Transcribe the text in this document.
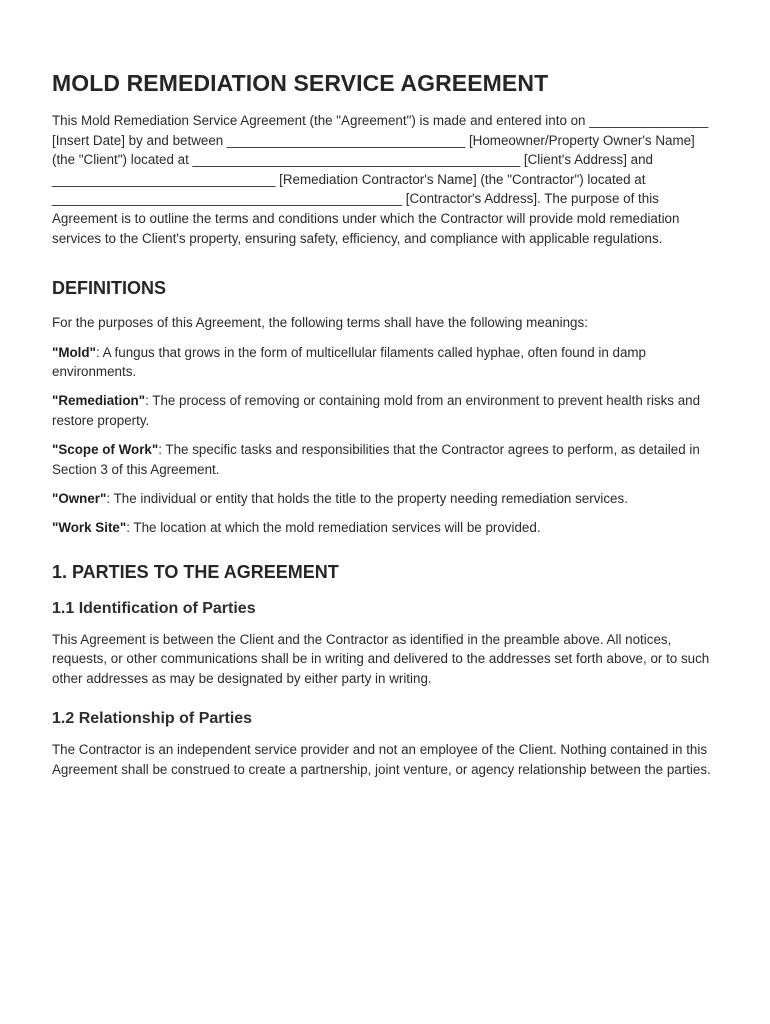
MOLD REMEDIATION SERVICE AGREEMENT

This Mold Remediation Service Agreement (the "Agreement") is made and entered into on ________________ [Insert Date] by and between ________________________________ [Homeowner/Property Owner's Name] (the "Client") located at ____________________________________________ [Client's Address] and ______________________________ [Remediation Contractor's Name] (the "Contractor") located at _______________________________________________ [Contractor's Address]. The purpose of this Agreement is to outline the terms and conditions under which the Contractor will provide mold remediation services to the Client's property, ensuring safety, efficiency, and compliance with applicable regulations.

DEFINITIONS

For the purposes of this Agreement, the following terms shall have the following meanings:

"Mold": A fungus that grows in the form of multicellular filaments called hyphae, often found in damp environments.

"Remediation": The process of removing or containing mold from an environment to prevent health risks and restore property.

"Scope of Work": The specific tasks and responsibilities that the Contractor agrees to perform, as detailed in Section 3 of this Agreement.

"Owner": The individual or entity that holds the title to the property needing remediation services.

"Work Site": The location at which the mold remediation services will be provided.

1. PARTIES TO THE AGREEMENT
1.1 Identification of Parties

This Agreement is between the Client and the Contractor as identified in the preamble above. All notices, requests, or other communications shall be in writing and delivered to the addresses set forth above, or to such other addresses as may be designated by either party in writing.

1.2 Relationship of Parties

The Contractor is an independent service provider and not an employee of the Client. Nothing contained in this Agreement shall be construed to create a partnership, joint venture, or agency relationship between the parties.
